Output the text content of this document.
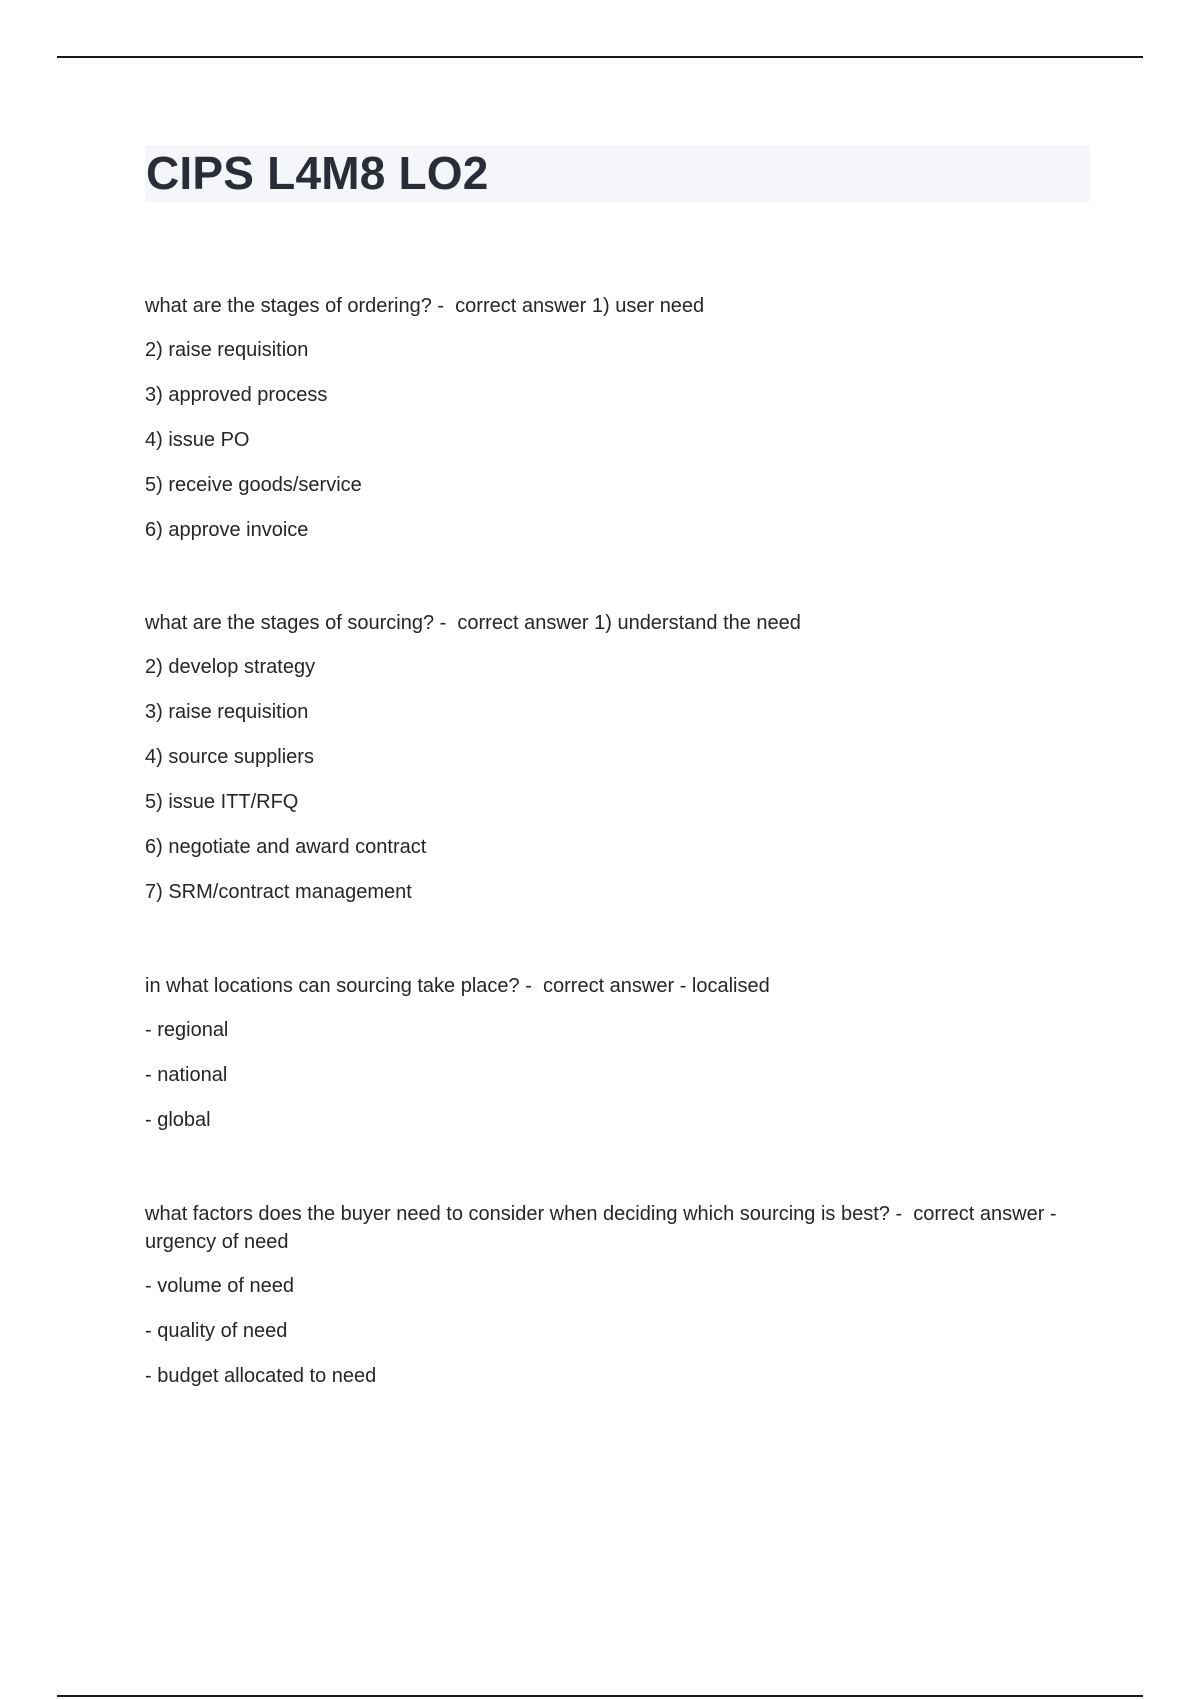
CIPS L4M8 LO2

what are the stages of ordering? -  correct answer 1) user need

2) raise requisition

3) approved process

4) issue PO

5) receive goods/service

6) approve invoice

what are the stages of sourcing? -  correct answer 1) understand the need

2) develop strategy

3) raise requisition

4) source suppliers

5) issue ITT/RFQ

6) negotiate and award contract

7) SRM/contract management

in what locations can sourcing take place? -  correct answer - localised

- regional

- national

- global

what factors does the buyer need to consider when deciding which sourcing is best? -  correct answer - urgency of need

- volume of need

- quality of need

- budget allocated to need
